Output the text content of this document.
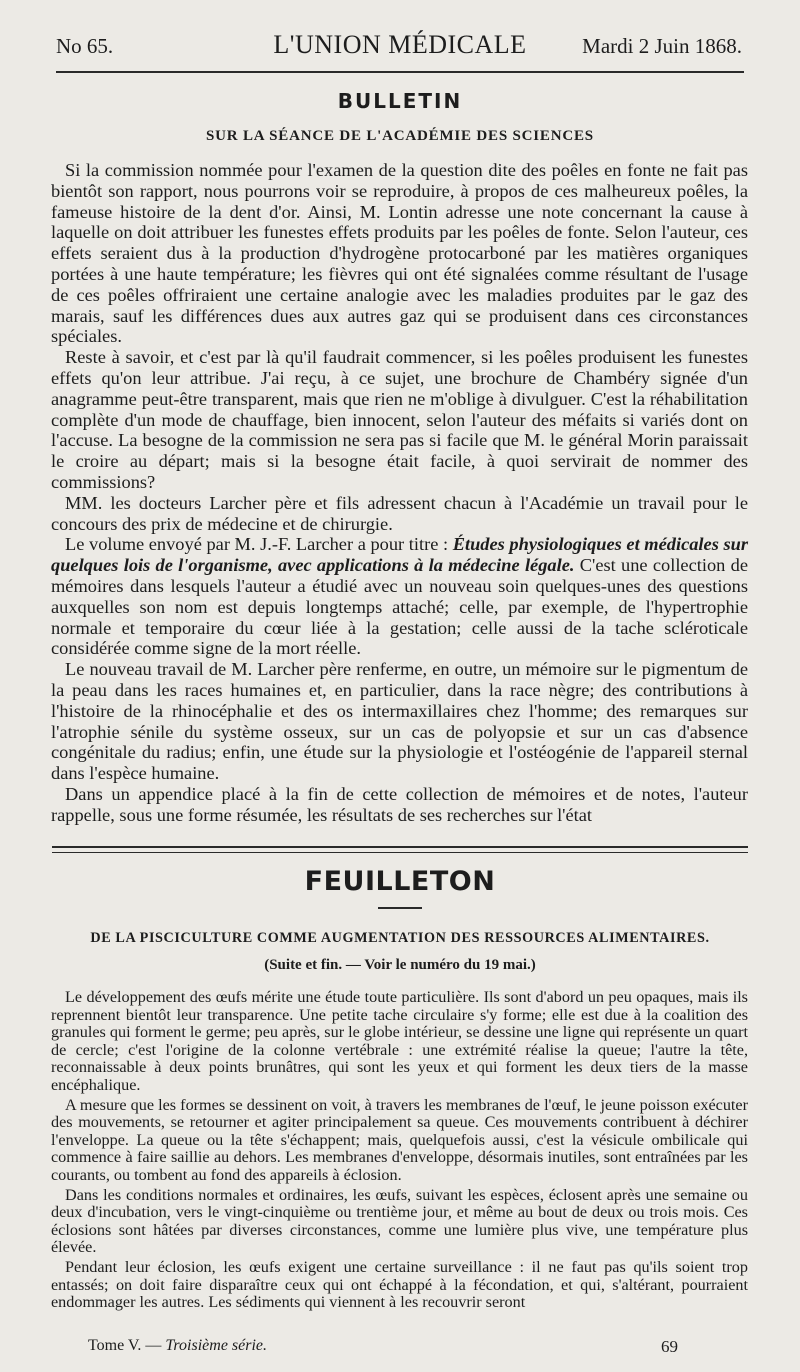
No 65.	L'UNION MÉDICALE	Mardi 2 Juin 1868.
BULLETIN
SUR LA SÉANCE DE L'ACADÉMIE DES SCIENCES

Si la commission nommée pour l'examen de la question dite des poêles en fonte ne fait pas bientôt son rapport, nous pourrons voir se reproduire, à propos de ces malheureux poêles, la fameuse histoire de la dent d'or. Ainsi, M. Lontin adresse une note concernant la cause à laquelle on doit attribuer les funestes effets produits par les poêles de fonte. Selon l'auteur, ces effets seraient dus à la production d'hydrogène protocarboné par les matières organiques portées à une haute température; les fièvres qui ont été signalées comme résultant de l'usage de ces poêles offriraient une certaine analogie avec les maladies produites par le gaz des marais, sauf les différences dues aux autres gaz qui se produisent dans ces circonstances spéciales.

Reste à savoir, et c'est par là qu'il faudrait commencer, si les poêles produisent les funestes effets qu'on leur attribue. J'ai reçu, à ce sujet, une brochure de Chambéry signée d'un anagramme peut-être transparent, mais que rien ne m'oblige à divulguer. C'est la réhabilitation complète d'un mode de chauffage, bien innocent, selon l'auteur des méfaits si variés dont on l'accuse. La besogne de la commission ne sera pas si facile que M. le général Morin paraissait le croire au départ; mais si la besogne était facile, à quoi servirait de nommer des commissions?

MM. les docteurs Larcher père et fils adressent chacun à l'Académie un travail pour le concours des prix de médecine et de chirurgie.

Le volume envoyé par M. J.-F. Larcher a pour titre : Études physiologiques et médicales sur quelques lois de l'organisme, avec applications à la médecine légale. C'est une collection de mémoires dans lesquels l'auteur a étudié avec un nouveau soin quelques-unes des questions auxquelles son nom est depuis longtemps attaché; celle, par exemple, de l'hypertrophie normale et temporaire du cœur liée à la gestation; celle aussi de la tache scléroticale considérée comme signe de la mort réelle.

Le nouveau travail de M. Larcher père renferme, en outre, un mémoire sur le pigmentum de la peau dans les races humaines et, en particulier, dans la race nègre; des contributions à l'histoire de la rhinocéphalie et des os intermaxillaires chez l'homme; des remarques sur l'atrophie sénile du système osseux, sur un cas de polyopsie et sur un cas d'absence congénitale du radius; enfin, une étude sur la physiologie et l'ostéogénie de l'appareil sternal dans l'espèce humaine.

Dans un appendice placé à la fin de cette collection de mémoires et de notes, l'auteur rappelle, sous une forme résumée, les résultats de ses recherches sur l'état

FEUILLETON
DE LA PISCICULTURE COMME AUGMENTATION DES RESSOURCES ALIMENTAIRES.
(Suite et fin. — Voir le numéro du 19 mai.)

Le développement des œufs mérite une étude toute particulière. Ils sont d'abord un peu opaques, mais ils reprennent bientôt leur transparence. Une petite tache circulaire s'y forme; elle est due à la coalition des granules qui forment le germe; peu après, sur le globe intérieur, se dessine une ligne qui représente un quart de cercle; c'est l'origine de la colonne vertébrale : une extrémité réalise la queue; l'autre la tête, reconnaissable à deux points brunâtres, qui sont les yeux et qui forment les deux tiers de la masse encéphalique.

A mesure que les formes se dessinent on voit, à travers les membranes de l'œuf, le jeune poisson exécuter des mouvements, se retourner et agiter principalement sa queue. Ces mouvements contribuent à déchirer l'enveloppe. La queue ou la tête s'échappent; mais, quelquefois aussi, c'est la vésicule ombilicale qui commence à faire saillie au dehors. Les membranes d'enveloppe, désormais inutiles, sont entraînées par les courants, ou tombent au fond des appareils à éclosion.

Dans les conditions normales et ordinaires, les œufs, suivant les espèces, éclosent après une semaine ou deux d'incubation, vers le vingt-cinquième ou trentième jour, et même au bout de deux ou trois mois. Ces éclosions sont hâtées par diverses circonstances, comme une lumière plus vive, une température plus élevée.

Pendant leur éclosion, les œufs exigent une certaine surveillance : il ne faut pas qu'ils soient trop entassés; on doit faire disparaître ceux qui ont échappé à la fécondation, et qui, s'altérant, pourraient endommager les autres. Les sédiments qui viennent à les recouvrir seront

Tome V. — Troisième série.	69
